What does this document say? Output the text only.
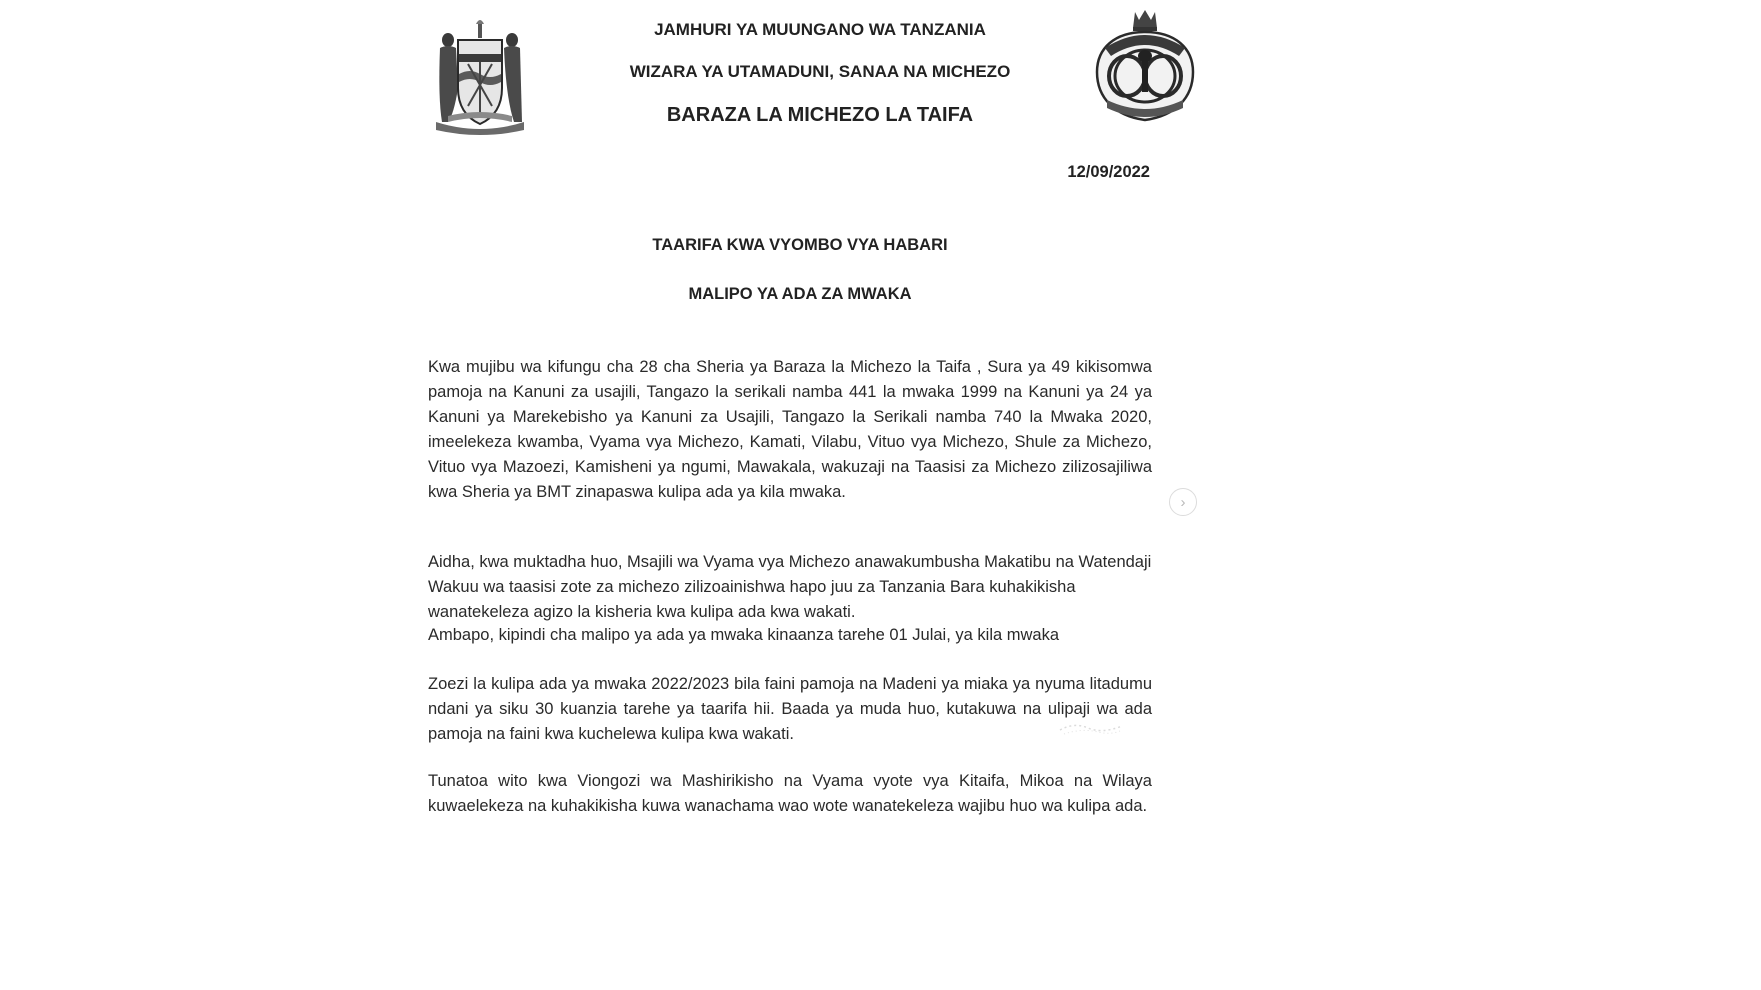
JAMHURI YA MUUNGANO WA TANZANIA
WIZARA YA UTAMADUNI, SANAA NA MICHEZO
BARAZA LA MICHEZO LA TAIFA
12/09/2022
TAARIFA KWA VYOMBO VYA HABARI
MALIPO YA ADA ZA MWAKA
Kwa mujibu wa kifungu cha 28 cha Sheria ya Baraza la Michezo la Taifa , Sura ya 49 kikisomwa pamoja na Kanuni za usajili, Tangazo la serikali namba 441 la mwaka 1999 na Kanuni ya 24 ya Kanuni ya Marekebisho ya Kanuni za Usajili, Tangazo la Serikali namba 740 la Mwaka 2020, imeelekeza kwamba, Vyama vya Michezo, Kamati, Vilabu, Vituo vya Michezo, Shule za Michezo, Vituo vya Mazoezi, Kamisheni ya ngumi, Mawakala, wakuzaji na Taasisi za Michezo zilizosajiliwa kwa Sheria ya BMT zinapaswa kulipa ada ya kila mwaka.
Aidha, kwa muktadha huo, Msajili wa Vyama vya Michezo anawakumbusha Makatibu na Watendaji Wakuu wa taasisi zote za michezo zilizoainishwa hapo juu za Tanzania Bara kuhakikisha wanatekeleza agizo la kisheria kwa kulipa ada kwa wakati.
Ambapo, kipindi cha malipo ya ada ya mwaka kinaanza tarehe 01 Julai, ya kila mwaka
Zoezi la kulipa ada ya mwaka 2022/2023 bila faini pamoja na Madeni ya miaka ya nyuma litadumu ndani ya siku 30 kuanzia tarehe ya taarifa hii. Baada ya muda huo, kutakuwa na ulipaji wa ada pamoja na faini kwa kuchelewa kulipa kwa wakati.
Tunatoa wito kwa Viongozi wa Mashirikisho na Vyama vyote vya Kitaifa, Mikoa na Wilaya kuwaelekeza na kuhakikisha kuwa wanachama wao wote wanatekeleza wajibu huo wa kulipa ada.
›
